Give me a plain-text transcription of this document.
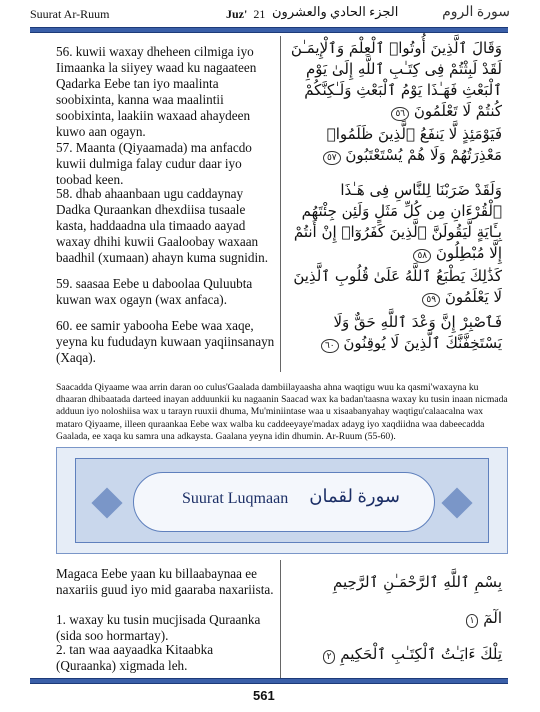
Suurat Ar-Ruum	Juz' 21 الجزء الحادي والعشرون	سورة الروم
56. kuwii waxay dheheen cilmiga iyo Iimaanka la siiyey waad ku nagaateen Qadarka Eebe tan iyo maalinta soobixinta, kanna waa maalintii soobixinta, laakiin waxaad ahaydeen kuwo aan ogayn.
وَقَالَ ٱلَّذِينَ أُوتُوا۟ ٱلْعِلْمَ وَٱلْإِيمَـٰنَ لَقَدْ لَبِثْتُمْ فِى كِتَـٰبِ ٱللَّهِ إِلَىٰ يَوْمِ ٱلْبَعْثِ فَهَـٰذَا يَوْمُ ٱلْبَعْثِ وَلَـٰكِنَّكُمْ كُنتُمْ لَا تَعْلَمُونَ ٥٦
57. Maanta (Qiyaamada) ma anfacdo kuwii dulmiga falay cudur daar iyo toobad keen.
فَيَوْمَئِذٍ لَّا يَنفَعُ ٱلَّذِينَ ظَلَمُوا۟ مَعْذِرَتُهُمْ وَلَا هُمْ يُسْتَعْتَبُونَ ٥٧
58. dhab ahaanbaan ugu caddaynay Dadka Quraankan dhexdiisa tusaale kasta, haddaadna ula timaado aayad waxay dhihi kuwii Gaaloobay waxaan baadhil (xumaan) ahayn kuma sugnidin.
وَلَقَدْ ضَرَبْنَا لِلنَّاسِ فِى هَـٰذَا ٱلْقُرْءَانِ مِن كُلِّ مَثَلٍ وَلَئِن جِئْتَهُم بِـَٔايَةٍ لَّيَقُولَنَّ ٱلَّذِينَ كَفَرُوٓا۟ إِنْ أَنتُمْ إِلَّا مُبْطِلُونَ ٥٨
59. saasaa Eebe u daboolaa Quluubta kuwan wax ogayn (wax anfaca).
كَذَٰلِكَ يَطْبَعُ ٱللَّهُ عَلَىٰ قُلُوبِ ٱلَّذِينَ لَا يَعْلَمُونَ ٥٩
60. ee samir yabooha Eebe waa xaqe, yeyna ku fududayn kuwaan yaqiinsanayn (Xaqa).
فَٱصْبِرْ إِنَّ وَعْدَ ٱللَّهِ حَقٌّ وَلَا يَسْتَخِفَّنَّكَ ٱلَّذِينَ لَا يُوقِنُونَ ٦٠
Saacadda Qiyaame waa arrin daran oo culus'Gaalada dambiilayaasha ahna waqtigu wuu ka qasmi'waxayna ku dhaaran dhibaatada darteed inayan adduunkii ku nagaanin Saacad wax ka badan'taasna waxay ku tusin inaan nicmada adduun iyo noloshiisa wax u tarayn ruuxii dhuma, Mu'miniintase waa u xisaabanyahay waqtigu'calaacalna wax mataro Qiyaame, illeen quraankaa Eebe wax walba ku caddeeyaye'madax adayg iyo xaqdiidna waa dabeecadda Gaalada, ee xaqa ku samra una adkaysta. Gaalana yeyna idin dhumin. Ar-Ruum (55-60).
Suurat Luqmaan سورة لقمان
Magaca Eebe yaan ku billaabaynaa ee naxariis guud iyo mid gaaraba naxariista.	بِسْمِ ٱللَّهِ ٱلرَّحْمَـٰنِ ٱلرَّحِيمِ
1. waxay ku tusin mucjisada Quraanka (sida soo hormartay).
الٓمٓ ١
2. tan waa aayaadka Kitaabka (Quraanka) xigmada leh.
تِلْكَ ءَايَـٰتُ ٱلْكِتَـٰبِ ٱلْحَكِيمِ ٢
561
